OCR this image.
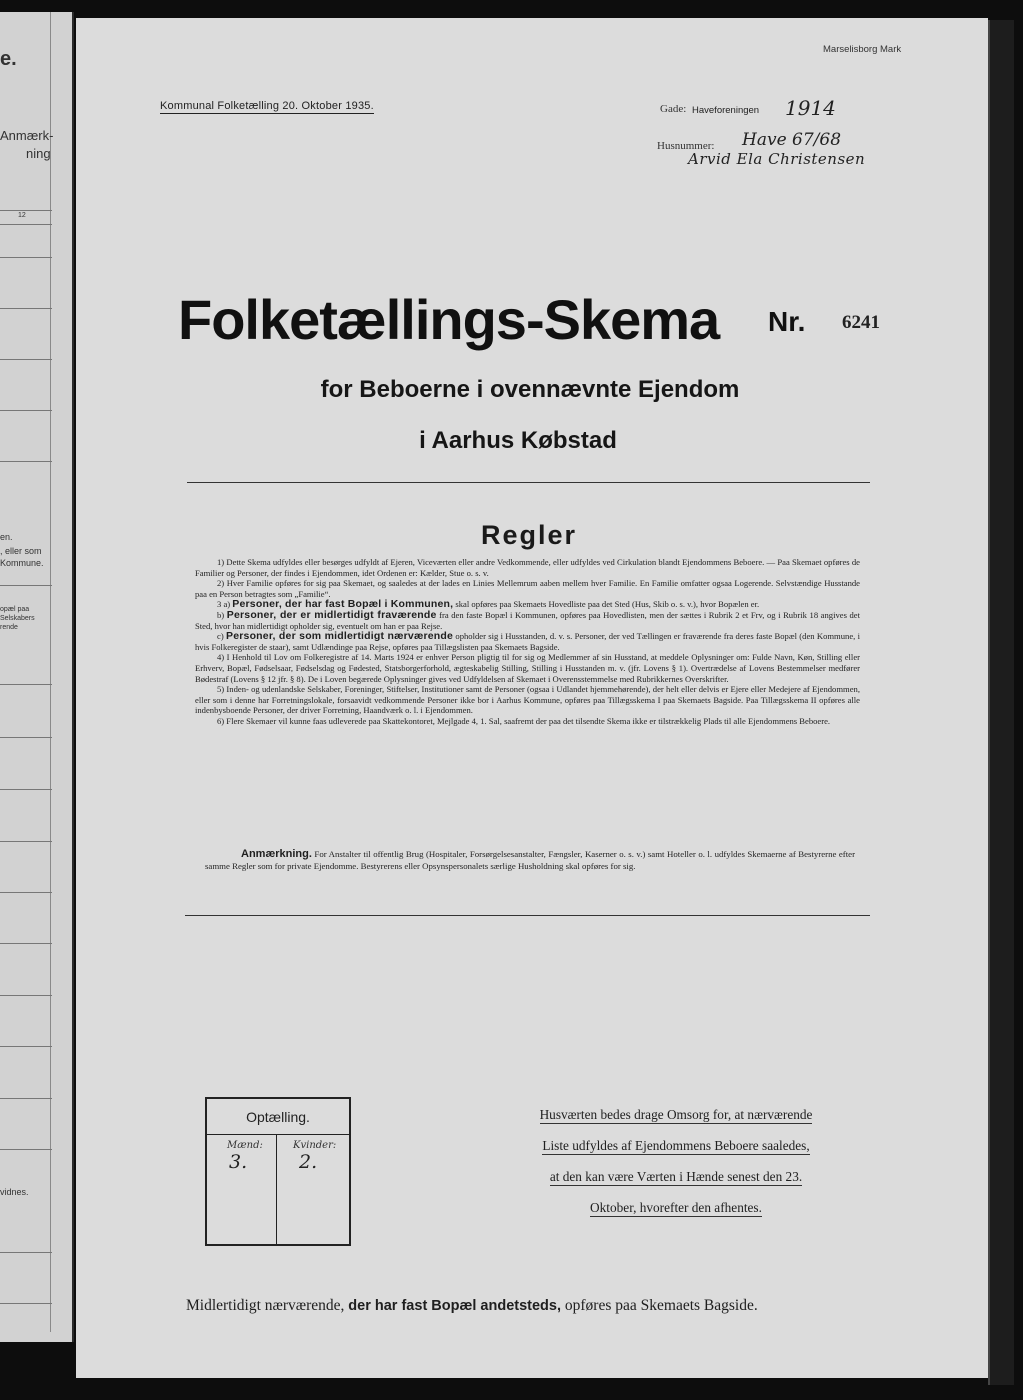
e.
Anmærk-
ning
12
en.
, eller som
Kommune.
opæl paa
Selskabers
rende
vidnes.
Marselisborg Mark
Kommunal Folketælling 20. Oktober 1935.	Gade: Haveforeningen 1914
Husnummer: Have 67/68
Arvid Ela Christensen
Folketællings-Skema Nr. 6241
for Beboerne i ovennævnte Ejendom
i Aarhus Købstad
Regler

1) Dette Skema udfyldes eller besørges udfyldt af Ejeren, Viceværten eller andre Vedkommende, eller udfyldes ved Cirkulation blandt Ejendommens Beboere. — Paa Skemaet opføres de Familier og Personer, der findes i Ejendommen, idet Ordenen er: Kælder, Stue o. s. v.

2) Hver Familie opføres for sig paa Skemaet, og saaledes at der lades en Linies Mellemrum aaben mellem hver Familie. En Familie omfatter ogsaa Logerende. Selvstændige Husstande paa en Person betragtes som „Familie“.

3 a) Personer, der har fast Bopæl i Kommunen, skal opføres paa Skemaets Hovedliste paa det Sted (Hus, Skib o. s. v.), hvor Bopælen er.

b) Personer, der er midlertidigt fraværende fra den faste Bopæl i Kommunen, opføres paa Hovedlisten, men der sættes i Rubrik 2 et Frv, og i Rubrik 18 angives det Sted, hvor han midlertidigt opholder sig, eventuelt om han er paa Rejse.

c) Personer, der som midlertidigt nærværende opholder sig i Husstanden, d. v. s. Personer, der ved Tællingen er fraværende fra deres faste Bopæl (den Kommune, i hvis Folkeregister de staar), samt Udlændinge paa Rejse, opføres paa Tillægslisten paa Skemaets Bagside.

4) I Henhold til Lov om Folkeregistre af 14. Marts 1924 er enhver Person pligtig til for sig og Medlemmer af sin Husstand, at meddele Oplysninger om: Fulde Navn, Køn, Stilling eller Erhverv, Bopæl, Fødselsaar, Fødselsdag og Fødested, Statsborgerforhold, ægteskabelig Stilling, Stilling i Husstanden m. v. (jfr. Lovens § 1). Overtrædelse af Lovens Bestemmelser medfører Bødestraf (Lovens § 12 jfr. § 8). De i Loven begærede Oplysninger gives ved Udfyldelsen af Skemaet i Overensstemmelse med Rubrikkernes Overskrifter.

5) Inden- og udenlandske Selskaber, Foreninger, Stiftelser, Institutioner samt de Personer (ogsaa i Udlandet hjemmehørende), der helt eller delvis er Ejere eller Medejere af Ejendommen, eller som i denne har Forretningslokale, forsaavidt vedkommende Personer ikke bor i Aarhus Kommune, opføres paa Tillægsskema I paa Skemaets Bagside. Paa Tillægsskema II opføres alle indenbysboende Personer, der driver Forretning, Haandværk o. l. i Ejendommen.

6) Flere Skemaer vil kunne faas udleverede paa Skattekontoret, Mejlgade 4, 1. Sal, saafremt der paa det tilsendte Skema ikke er tilstrækkelig Plads til alle Ejendommens Beboere.

Anmærkning. For Anstalter til offentlig Brug (Hospitaler, Forsørgelsesanstalter, Fængsler, Kaserner o. s. v.) samt Hoteller o. l. udfyldes Skemaerne af Bestyrerne efter samme Regler som for private Ejendomme. Bestyrerens eller Opsynspersonalets særlige Husholdning skal opføres for sig.
Optælling.
Mænd:	Kvinder:
3.	2.

Husværten bedes drage Omsorg for, at nærværende

Liste udfyldes af Ejendommens Beboere saaledes,

at den kan være Værten i Hænde senest den 23.

Oktober, hvorefter den afhentes.

Midlertidigt nærværende, der har fast Bopæl andetsteds, opføres paa Skemaets Bagside.
